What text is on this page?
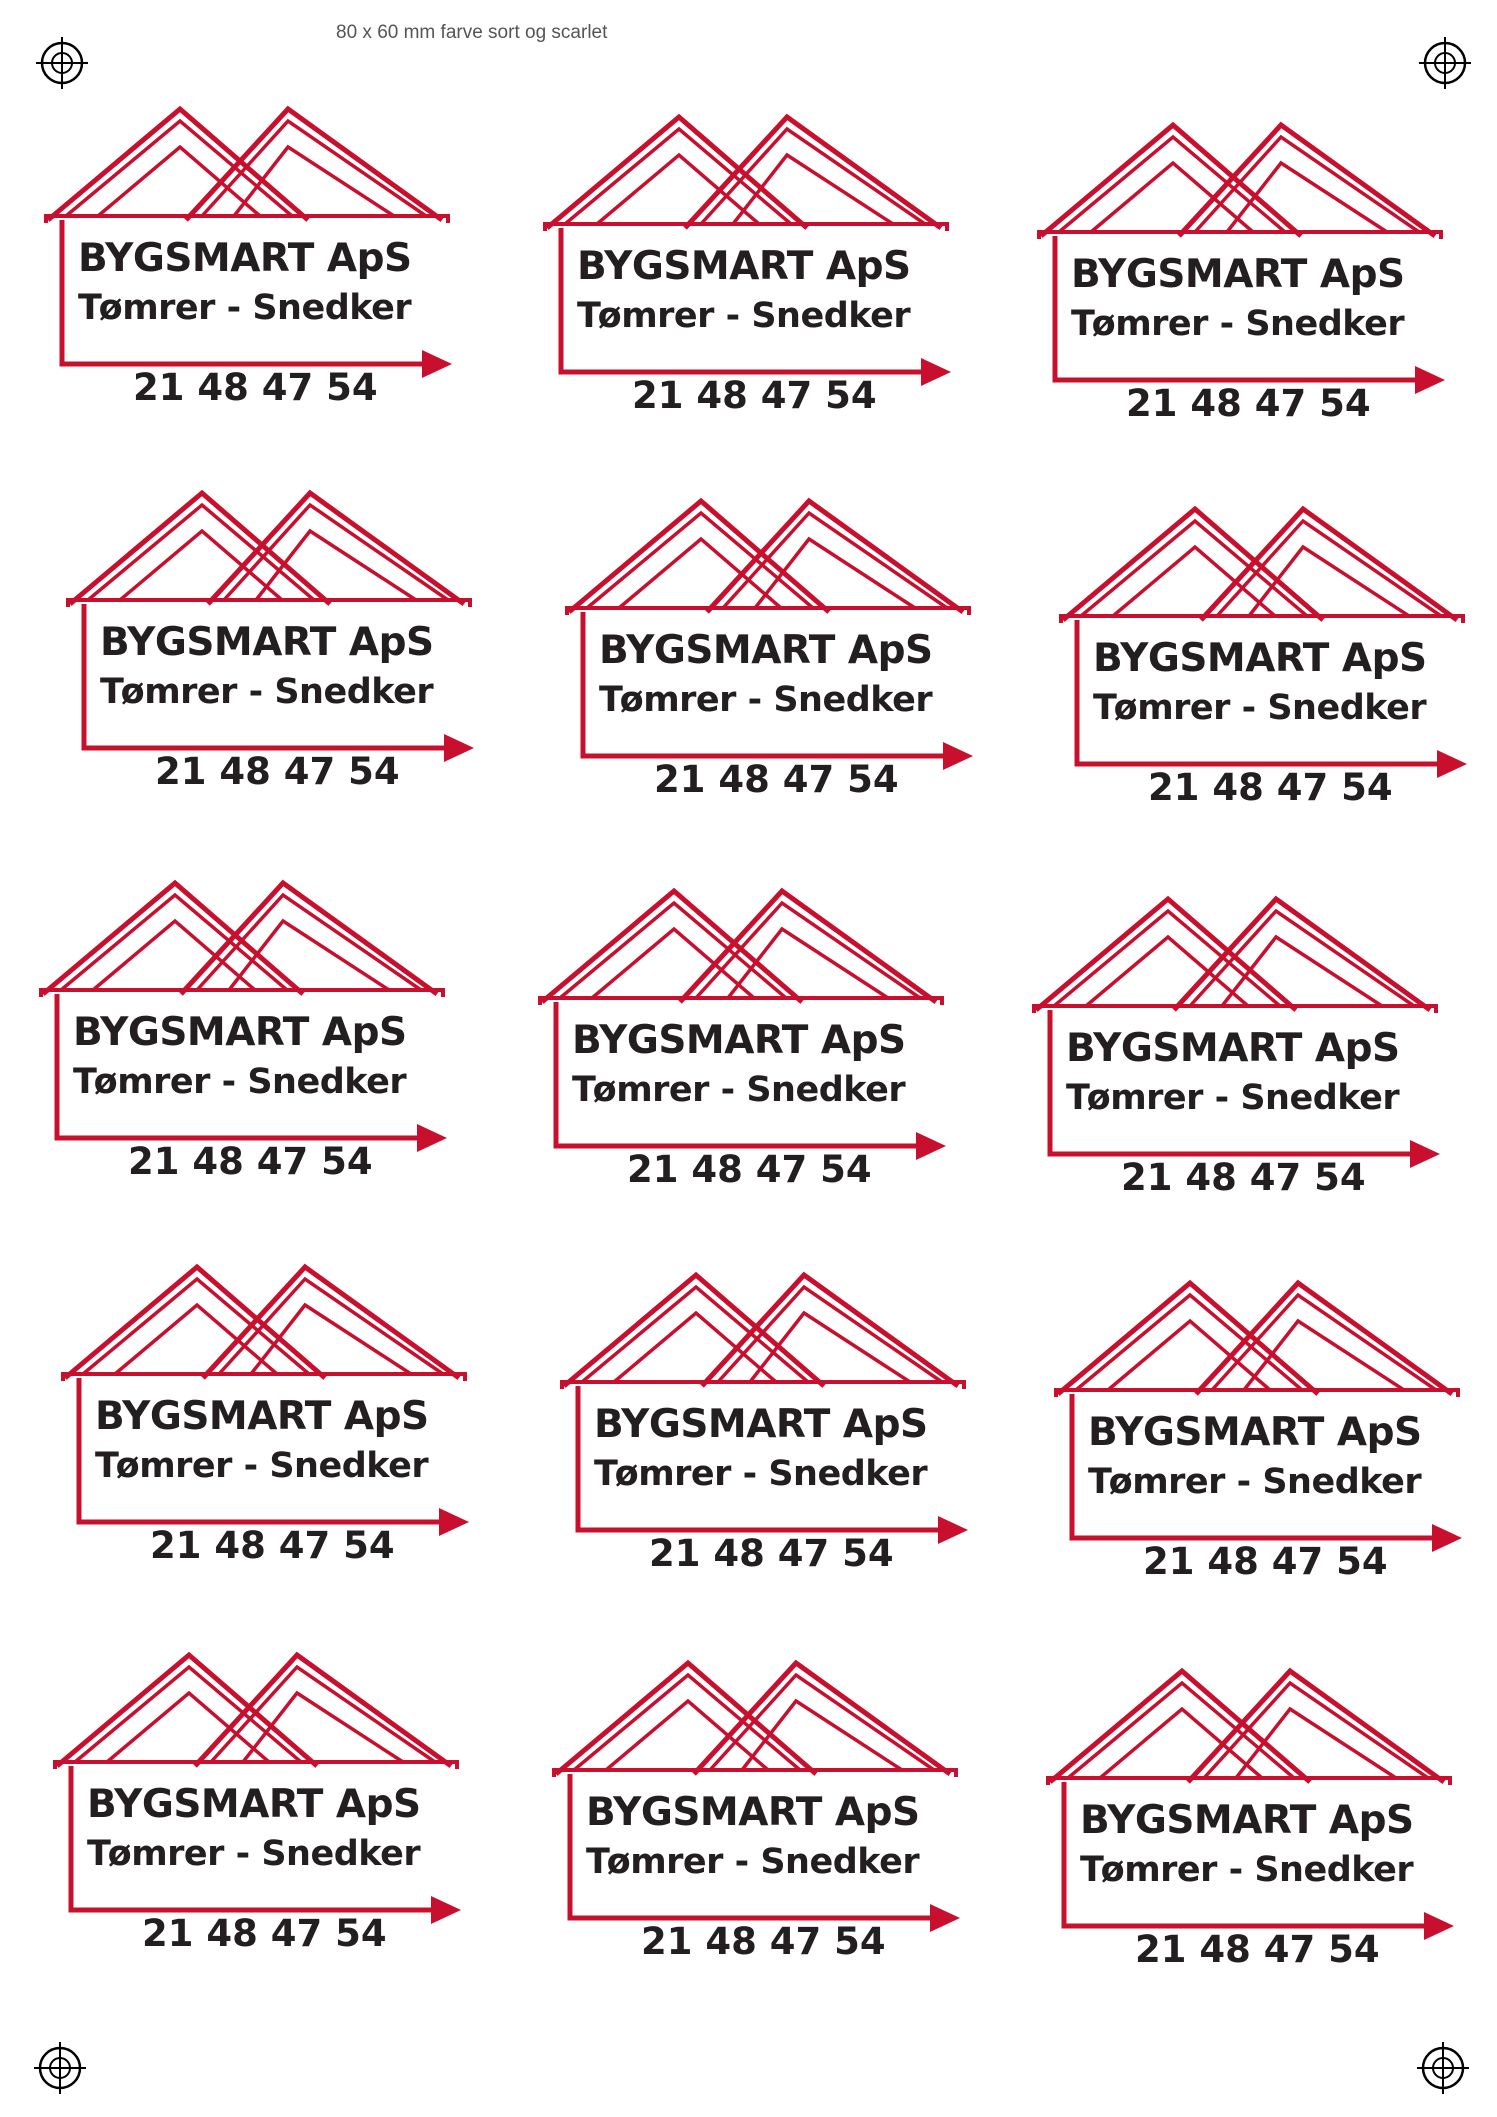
80 x 60 mm farve sort og scarlet
BYGSMART ApS
Tømrer - Snedker
21 48 47 54
BYGSMART ApS
Tømrer - Snedker
21 48 47 54
BYGSMART ApS
Tømrer - Snedker
21 48 47 54
BYGSMART ApS
Tømrer - Snedker
21 48 47 54
BYGSMART ApS
Tømrer - Snedker
21 48 47 54
BYGSMART ApS
Tømrer - Snedker
21 48 47 54
BYGSMART ApS
Tømrer - Snedker
21 48 47 54
BYGSMART ApS
Tømrer - Snedker
21 48 47 54
BYGSMART ApS
Tømrer - Snedker
21 48 47 54
BYGSMART ApS
Tømrer - Snedker
21 48 47 54
BYGSMART ApS
Tømrer - Snedker
21 48 47 54
BYGSMART ApS
Tømrer - Snedker
21 48 47 54
BYGSMART ApS
Tømrer - Snedker
21 48 47 54
BYGSMART ApS
Tømrer - Snedker
21 48 47 54
BYGSMART ApS
Tømrer - Snedker
21 48 47 54
